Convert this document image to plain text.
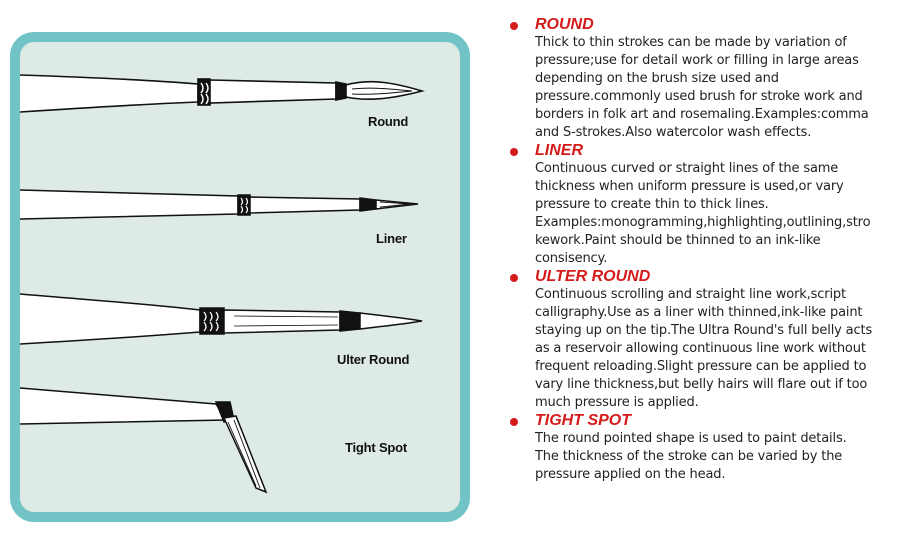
Round
Liner
Ulter Round
Tight Spot
ROUND
Thick to thin strokes can be made by variation of
pressure;use for detail work or filling in large areas
depending on the brush size used and
pressure.commonly used brush for stroke work and
borders in folk art and rosemaling.Examples:comma
and S-strokes.Also watercolor wash effects.
LINER
Continuous curved or straight lines of the same
thickness when uniform pressure is used,or vary
pressure to create thin to thick lines.
Examples:monogramming,highlighting,outlining,stro
kework.Paint should be thinned to an ink-like
consisency.
ULTER ROUND
Continuous scrolling and straight line work,script
calligraphy.Use as a liner with thinned,ink-like paint
staying up on the tip.The Ultra Round's full belly acts
as a reservoir allowing continuous line work without
frequent reloading.Slight pressure can be applied to
vary line thickness,but belly hairs will flare out if too
much pressure is applied.
TIGHT SPOT
The round pointed shape is used to paint details.
The thickness of the stroke can be varied by the
pressure applied on the head.
